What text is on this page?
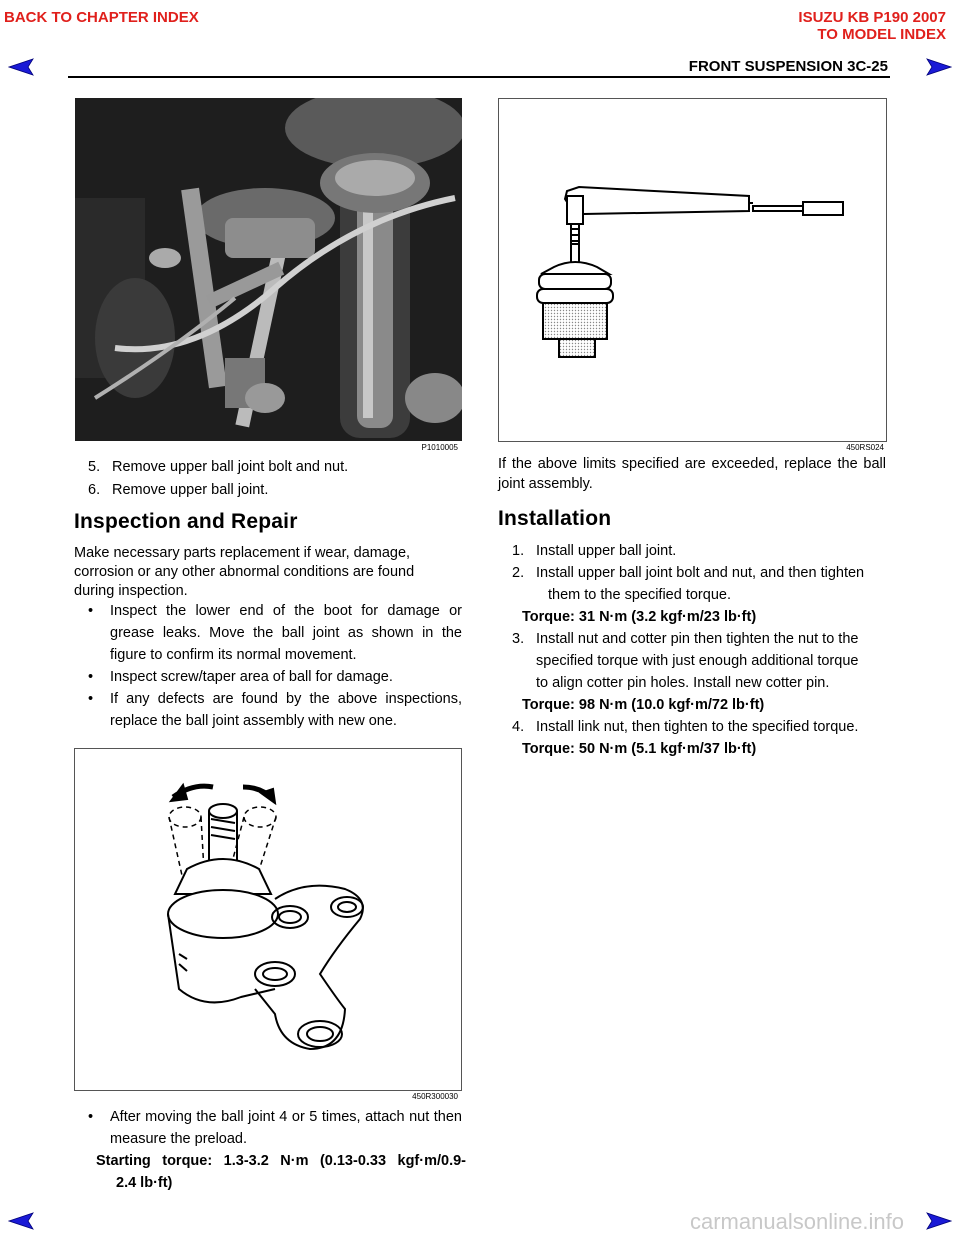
BACK TO CHAPTER INDEX	ISUZU KB P190 2007
TO MODEL INDEX
FRONT SUSPENSION 3C-25
P1010005
5. Remove upper ball joint bolt and nut.
6. Remove upper ball joint.
Inspection and Repair
Make necessary parts replacement if wear, damage, corrosion or any other abnormal conditions are found during inspection.
• Inspect the lower end of the boot for damage or grease leaks. Move the ball joint as shown in the figure to confirm its normal movement.
• Inspect screw/taper area of ball for damage.
• If any defects are found by the above inspections, replace the ball joint assembly with new one.
450R300030
• After moving the ball joint 4 or 5 times, attach nut then measure the preload.
Starting torque: 1.3-3.2 N·m (0.13-0.33 kgf·m/0.9-
2.4 lb·ft)
450RS024
If the above limits specified are exceeded, replace the ball joint assembly.
Installation
1. Install upper ball joint.
2. Install upper ball joint bolt and nut, and then tighten
them to the specified torque.
Torque: 31 N·m (3.2 kgf·m/23 lb·ft)
3. Install nut and cotter pin then tighten the nut to the
specified torque with just enough additional torque
to align cotter pin holes. Install new cotter pin.
Torque: 98 N·m (10.0 kgf·m/72 lb·ft)
4. Install link nut, then tighten to the specified torque.
Torque: 50 N·m (5.1 kgf·m/37 lb·ft)
carmanualsonline.info
